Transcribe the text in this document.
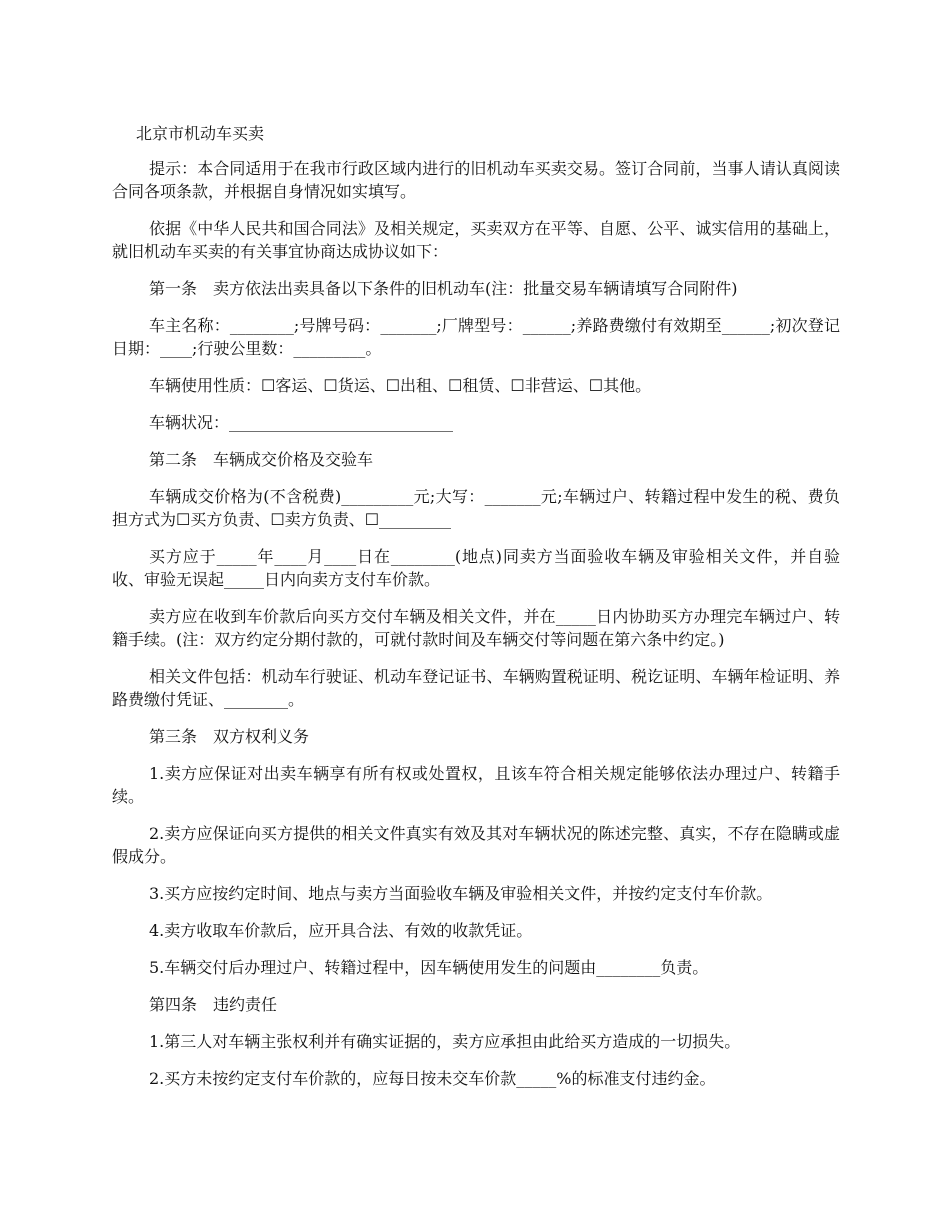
北京市机动车买卖

提示：本合同适用于在我市行政区域内进行的旧机动车买卖交易。签订合同前，当事人请认真阅读合同各项条款，并根据自身情况如实填写。

依据《中华人民共和国合同法》及相关规定，买卖双方在平等、自愿、公平、诚实信用的基础上，就旧机动车买卖的有关事宜协商达成协议如下：

第一条　卖方依法出卖具备以下条件的旧机动车(注：批量交易车辆请填写合同附件)

车主名称：________;号牌号码：_______;厂牌型号：______;养路费缴付有效期至______;初次登记日期：____;行驶公里数：_________。

车辆使用性质：☐客运、☐货运、☐出租、☐租赁、☐非营运、☐其他。

车辆状况：____________________________

第二条　车辆成交价格及交验车

车辆成交价格为(不含税费)_________元;大写：_______元;车辆过户、转籍过程中发生的税、费负担方式为☐买方负责、☐卖方负责、☐_________

买方应于_____年____月____日在________(地点)同卖方当面验收车辆及审验相关文件，并自验收、审验无误起_____日内向卖方支付车价款。

卖方应在收到车价款后向买方交付车辆及相关文件，并在_____日内协助买方办理完车辆过户、转籍手续。(注：双方约定分期付款的，可就付款时间及车辆交付等问题在第六条中约定。)

相关文件包括：机动车行驶证、机动车登记证书、车辆购置税证明、税讫证明、车辆年检证明、养路费缴付凭证、________。

第三条　双方权利义务

1.卖方应保证对出卖车辆享有所有权或处置权，且该车符合相关规定能够依法办理过户、转籍手续。

2.卖方应保证向买方提供的相关文件真实有效及其对车辆状况的陈述完整、真实，不存在隐瞒或虚假成分。

3.买方应按约定时间、地点与卖方当面验收车辆及审验相关文件，并按约定支付车价款。

4.卖方收取车价款后，应开具合法、有效的收款凭证。

5.车辆交付后办理过户、转籍过程中，因车辆使用发生的问题由________负责。

第四条　违约责任

1.第三人对车辆主张权利并有确实证据的，卖方应承担由此给买方造成的一切损失。

2.买方未按约定支付车价款的，应每日按未交车价款_____%的标准支付违约金。
